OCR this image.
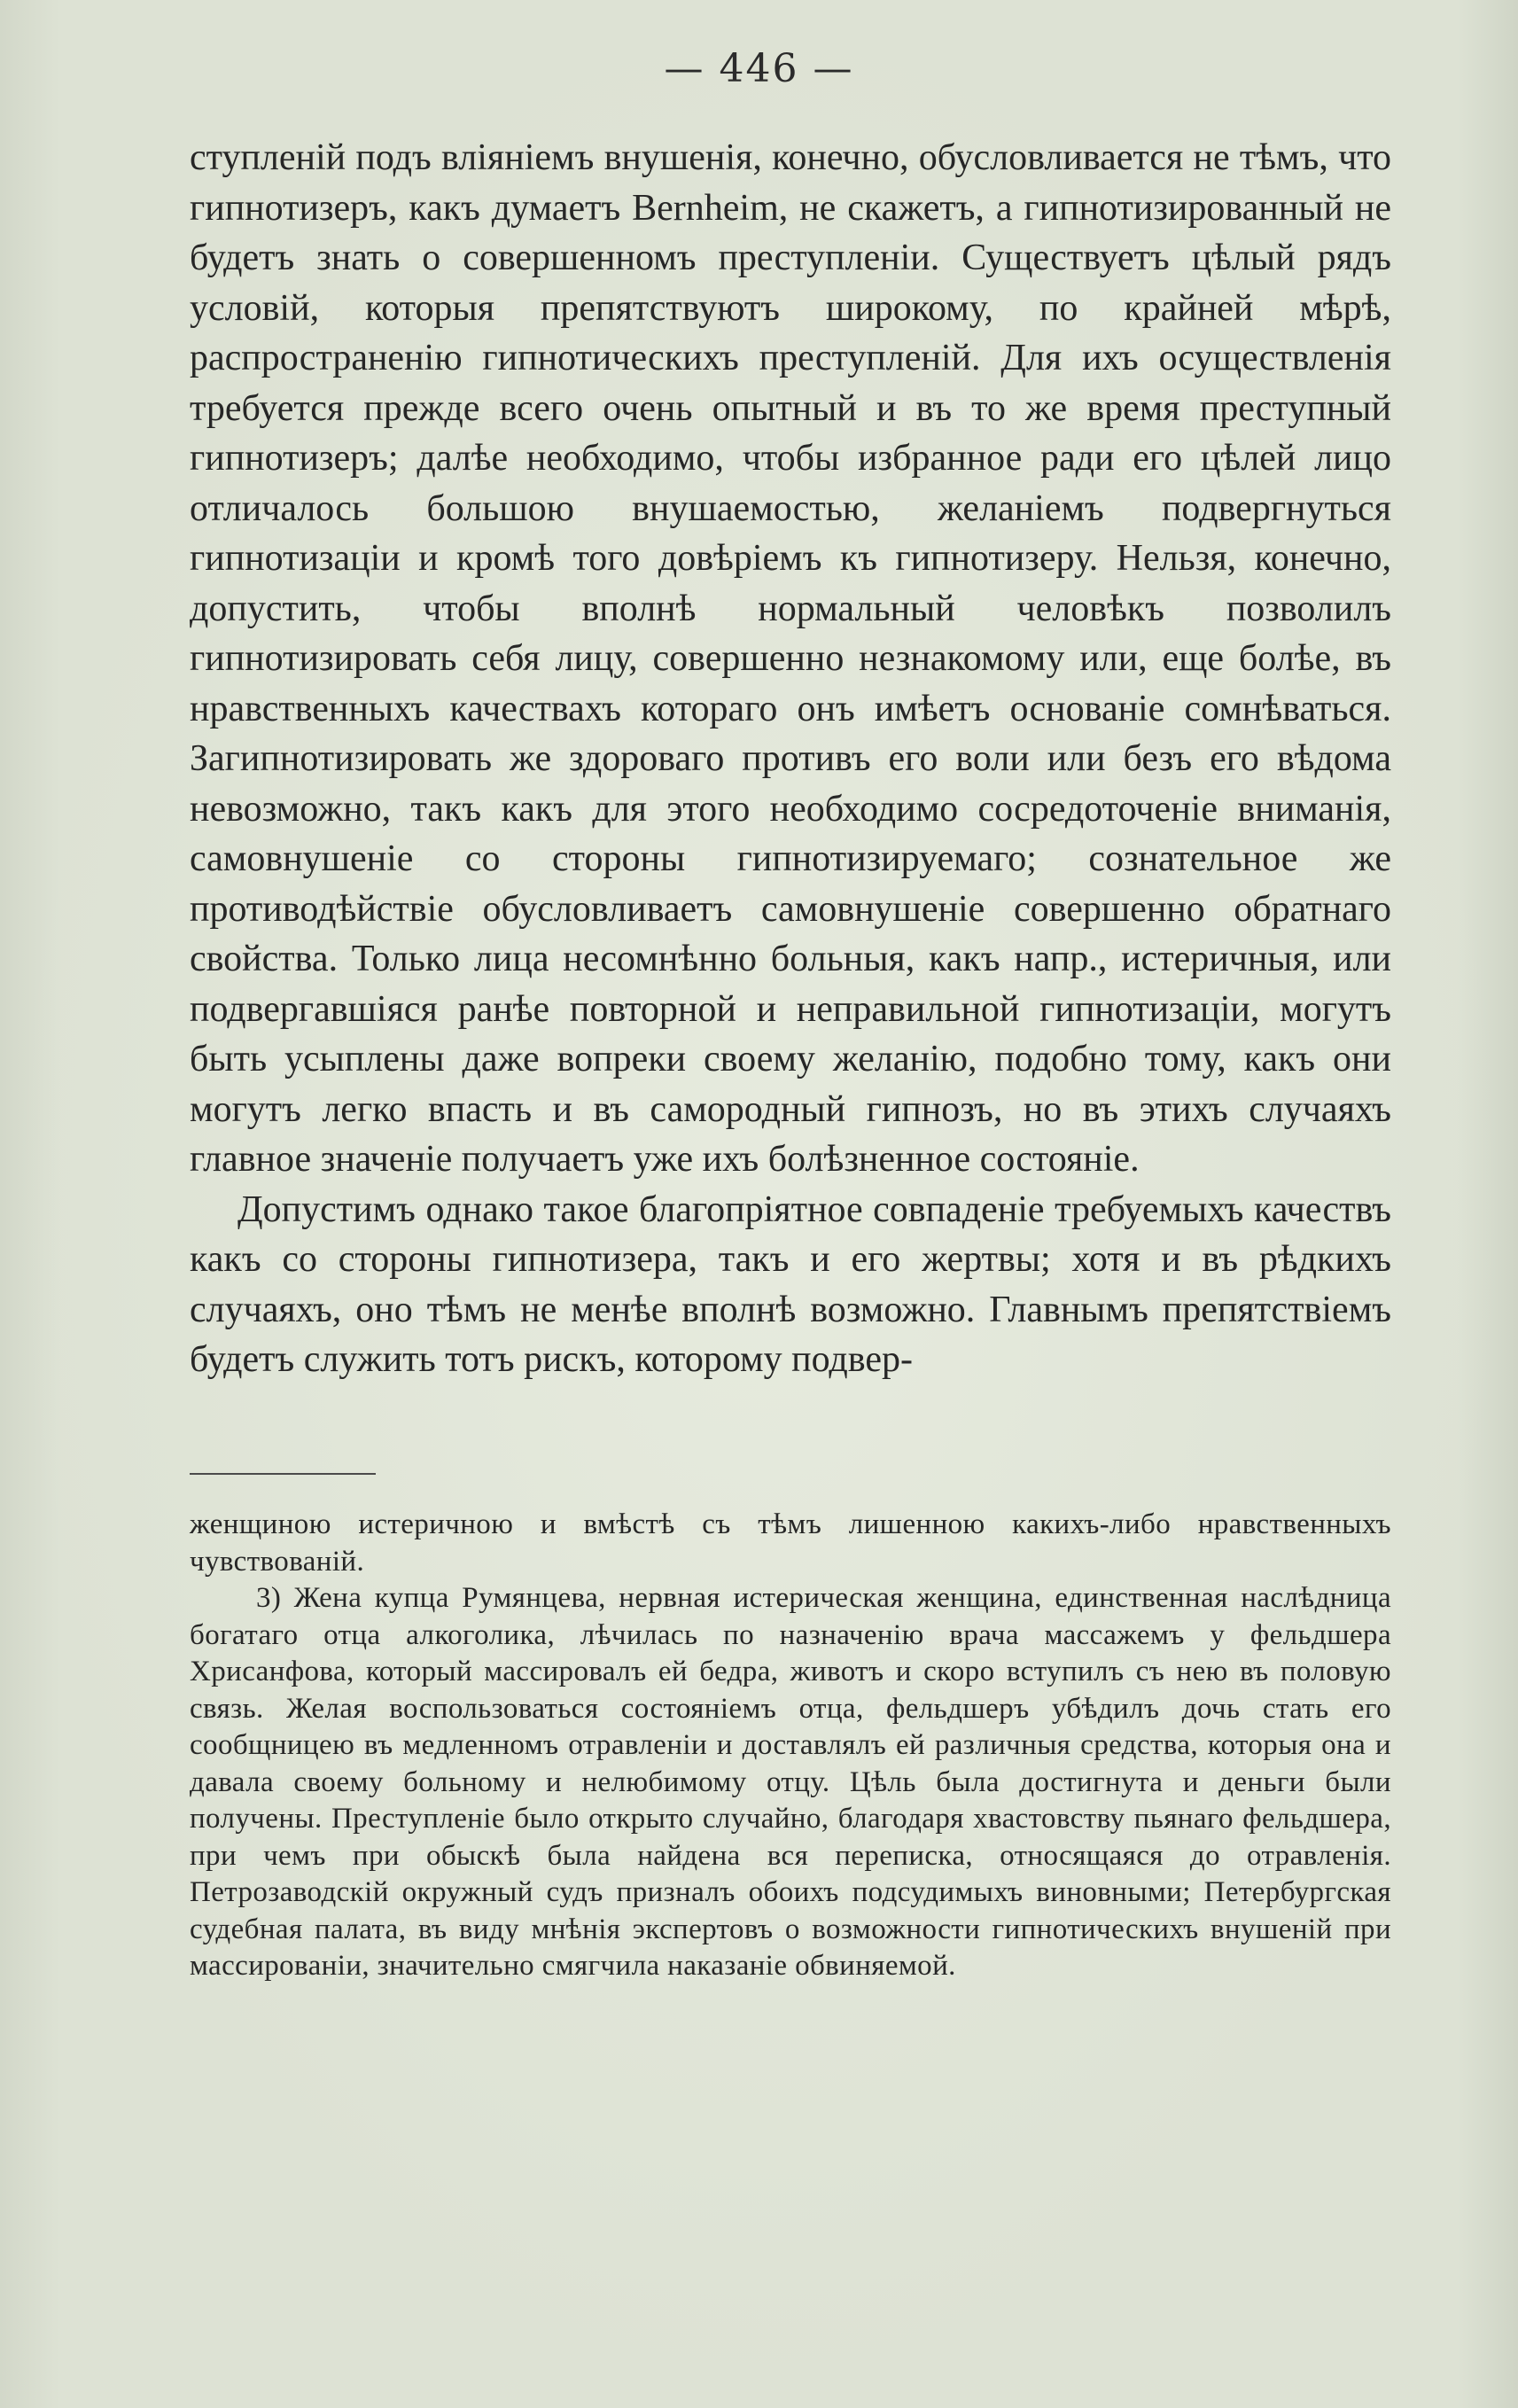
— 446 —

ступленій подъ вліяніемъ внушенія, конечно, обусловливается не тѣмъ, что гипнотизеръ, какъ думаетъ Bernheim, не скажетъ, а гипнотизированный не будетъ знать о совершенномъ преступленіи. Существуетъ цѣлый рядъ условій, которыя препятствуютъ широкому, по крайней мѣрѣ, распространенію гипнотическихъ преступленій. Для ихъ осуществленія требуется прежде всего очень опытный и въ то же время преступный гипнотизеръ; далѣе необходимо, чтобы избранное ради его цѣлей лицо отличалось большою внушаемостью, желаніемъ подвергнуться гипнотизаціи и кромѣ того довѣріемъ къ гипнотизеру. Нельзя, конечно, допустить, чтобы вполнѣ нормальный человѣкъ позволилъ гипнотизировать себя лицу, совершенно незнакомому или, еще болѣе, въ нравственныхъ качествахъ котораго онъ имѣетъ основаніе сомнѣваться. Загипнотизировать же здороваго противъ его воли или безъ его вѣдома невозможно, такъ какъ для этого необходимо сосредоточеніе вниманія, самовнушеніе со стороны гипнотизируемаго; сознательное же противодѣйствіе обусловливаетъ самовнушеніе совершенно обратнаго свойства. Только лица несомнѣнно больныя, какъ напр., истеричныя, или подвергавшіяся ранѣе повторной и неправильной гипнотизаціи, могутъ быть усыплены даже вопреки своему желанію, подобно тому, какъ они могутъ легко впасть и въ самородный гипнозъ, но въ этихъ случаяхъ главное значеніе получаетъ уже ихъ болѣзненное состояніе.

Допустимъ однако такое благопріятное совпаденіе требуемыхъ качествъ какъ со стороны гипнотизера, такъ и его жертвы; хотя и въ рѣдкихъ случаяхъ, оно тѣмъ не менѣе вполнѣ возможно. Главнымъ препятствіемъ будетъ служить тотъ рискъ, которому подвер-

женщиною истеричною и вмѣстѣ съ тѣмъ лишенною какихъ-либо нравственныхъ чувствованій.

3) Жена купца Румянцева, нервная истерическая женщина, единственная наслѣдница богатаго отца алкоголика, лѣчилась по назначенію врача массажемъ у фельдшера Хрисанфова, который массировалъ ей бедра, животъ и скоро вступилъ съ нею въ половую связь. Желая воспользоваться состояніемъ отца, фельдшеръ убѣдилъ дочь стать его сообщницею въ медленномъ отравленіи и доставлялъ ей различныя средства, которыя она и давала своему больному и нелюбимому отцу. Цѣль была достигнута и деньги были получены. Преступленіе было открыто случайно, благодаря хвастовству пьянаго фельдшера, при чемъ при обыскѣ была найдена вся переписка, относящаяся до отравленія. Петрозаводскій окружный судъ призналъ обоихъ подсудимыхъ виновными; Петербургская судебная палата, въ виду мнѣнія экспертовъ о возможности гипнотическихъ внушеній при массированіи, значительно смягчила наказаніе обвиняемой.
